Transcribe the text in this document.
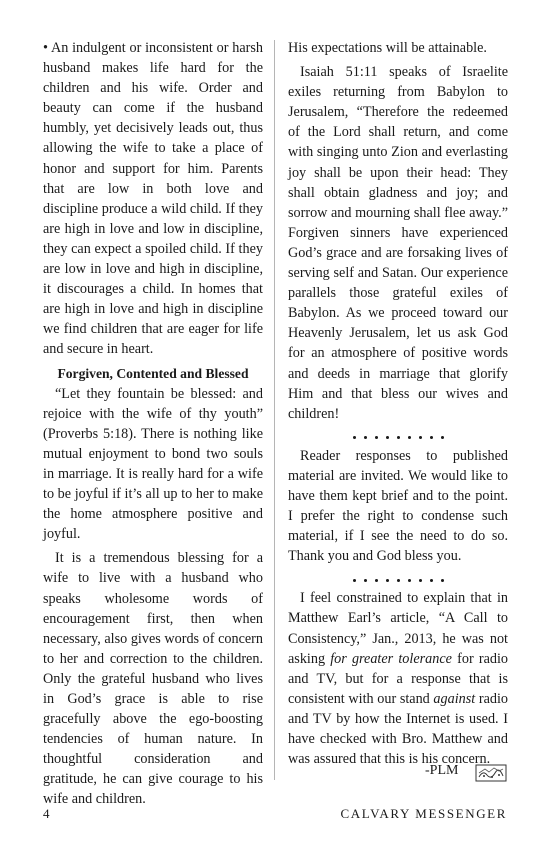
• An indulgent or inconsistent or harsh husband makes life hard for the children and his wife. Order and beauty can come if the husband humbly, yet decisively leads out, thus allowing the wife to take a place of honor and support for him. Parents that are low in both love and discipline produce a wild child. If they are high in love and low in discipline, they can expect a spoiled child. If they are low in love and high in discipline, it discourages a child. In homes that are high in love and high in discipline we find children that are eager for life and secure in heart.

Forgiven, Contented and Blessed

“Let they fountain be blessed: and rejoice with the wife of thy youth” (Proverbs 5:18). There is nothing like mutual enjoyment to bond two souls in marriage. It is really hard for a wife to be joyful if it’s all up to her to make the home atmosphere positive and joyful.

It is a tremendous blessing for a wife to live with a husband who speaks wholesome words of encouragement first, then when necessary, also gives words of concern to her and correction to the children. Only the grateful husband who lives in God’s grace is able to rise gracefully above the ego-boosting tendencies of human nature. In thoughtful consideration and gratitude, he can give courage to his wife and children.

His expectations will be attainable.

Isaiah 51:11 speaks of Israelite exiles returning from Babylon to Jerusalem, “Therefore the redeemed of the Lord shall return, and come with singing unto Zion and everlasting joy shall be upon their head: They shall obtain gladness and joy; and sorrow and mourning shall flee away.” Forgiven sinners have experienced God’s grace and are forsaking lives of serving self and Satan. Our experience parallels those grateful exiles of Babylon. As we proceed toward our Heavenly Jerusalem, let us ask God for an atmosphere of positive words and deeds in marriage that glorify Him and that bless our wives and children!

Reader responses to published material are invited. We would like to have them kept brief and to the point. I prefer the right to condense such material, if I see the need to do so. Thank you and God bless you.

I feel constrained to explain that in Matthew Earl’s article, “A Call to Consistency,” Jan., 2013, he was not asking for greater tolerance for radio and TV, but for a response that is consistent with our stand against radio and TV by how the Internet is used. I have checked with Bro. Matthew and was assured that this is his concern.

-PLM
4	CALVARY MESSENGER
